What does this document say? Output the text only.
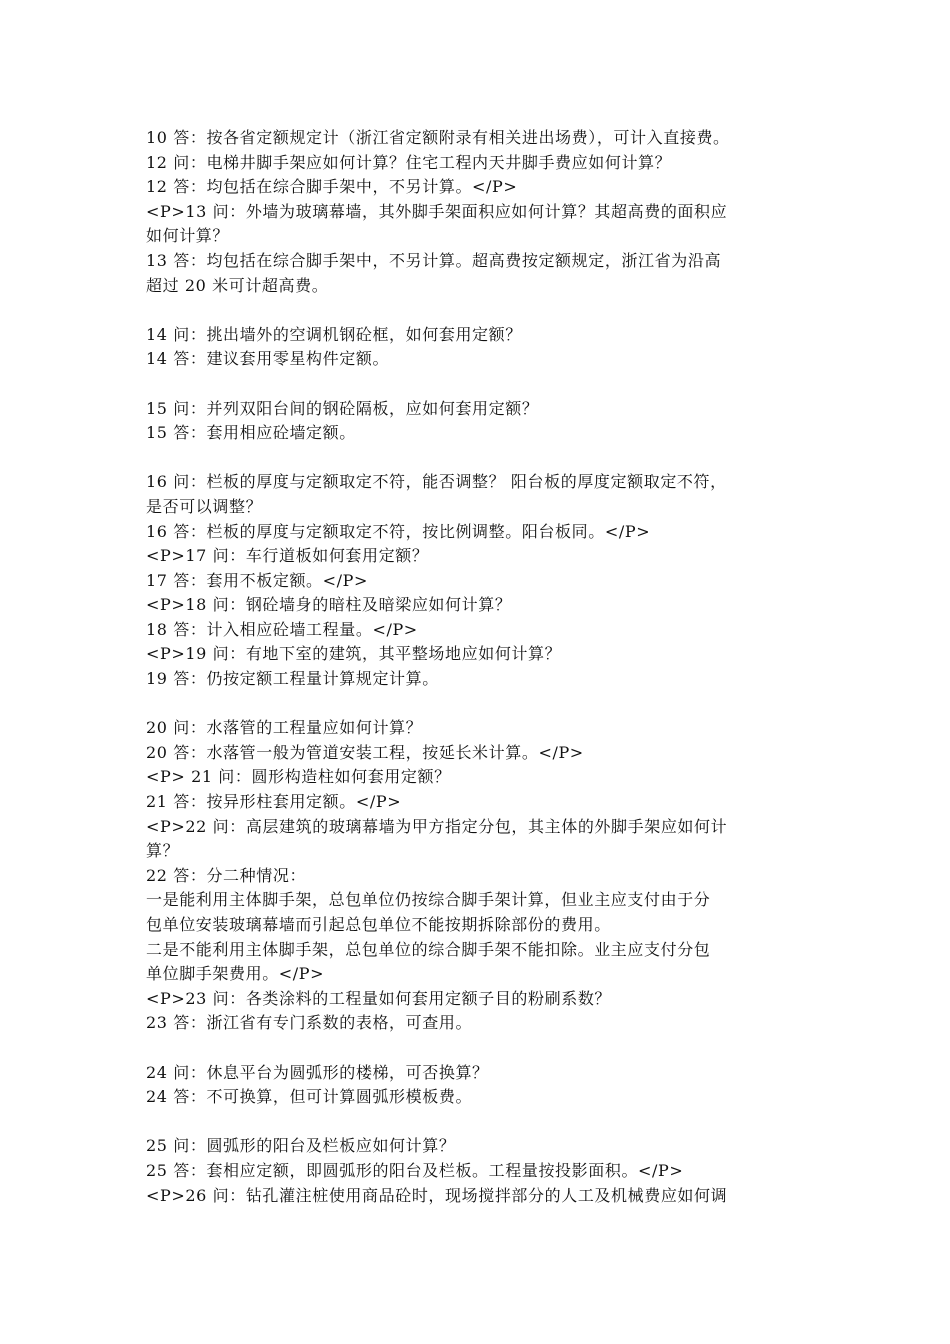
10 答：按各省定额规定计（浙江省定额附录有相关进出场费），可计入直接费。
12 问：电梯井脚手架应如何计算？住宅工程内天井脚手费应如何计算？
12 答：均包括在综合脚手架中，不另计算。</P>
<P>13 问：外墙为玻璃幕墙，其外脚手架面积应如何计算？其超高费的面积应
如何计算？
13 答：均包括在综合脚手架中，不另计算。超高费按定额规定，浙江省为沿高
超过 20 米可计超高费。
14 问：挑出墙外的空调机钢砼框，如何套用定额？
14 答：建议套用零星构件定额。
15 问：并列双阳台间的钢砼隔板，应如何套用定额？
15 答：套用相应砼墙定额。
16 问：栏板的厚度与定额取定不符，能否调整？ 阳台板的厚度定额取定不符，
是否可以调整？
16 答：栏板的厚度与定额取定不符，按比例调整。阳台板同。</P>
<P>17 问：车行道板如何套用定额？
17 答：套用不板定额。</P>
<P>18 问：钢砼墙身的暗柱及暗梁应如何计算？
18 答：计入相应砼墙工程量。</P>
<P>19 问：有地下室的建筑，其平整场地应如何计算？
19 答：仍按定额工程量计算规定计算。
20 问：水落管的工程量应如何计算？
20 答：水落管一般为管道安装工程，按延长米计算。</P>
<P> 21 问：圆形构造柱如何套用定额？
21 答：按异形柱套用定额。</P>
<P>22 问：高层建筑的玻璃幕墙为甲方指定分包，其主体的外脚手架应如何计
算？
22 答：分二种情况：
一是能利用主体脚手架，总包单位仍按综合脚手架计算，但业主应支付由于分
包单位安装玻璃幕墙而引起总包单位不能按期拆除部份的费用。
二是不能利用主体脚手架，总包单位的综合脚手架不能扣除。业主应支付分包
单位脚手架费用。</P>
<P>23 问：各类涂料的工程量如何套用定额子目的粉刷系数？
23 答：浙江省有专门系数的表格，可查用。
24 问：休息平台为圆弧形的楼梯，可否换算？
24 答：不可换算，但可计算圆弧形模板费。
25 问：圆弧形的阳台及栏板应如何计算？
25 答：套相应定额，即圆弧形的阳台及栏板。工程量按投影面积。</P>
<P>26 问：钻孔灌注桩使用商品砼时，现场搅拌部分的人工及机械费应如何调
